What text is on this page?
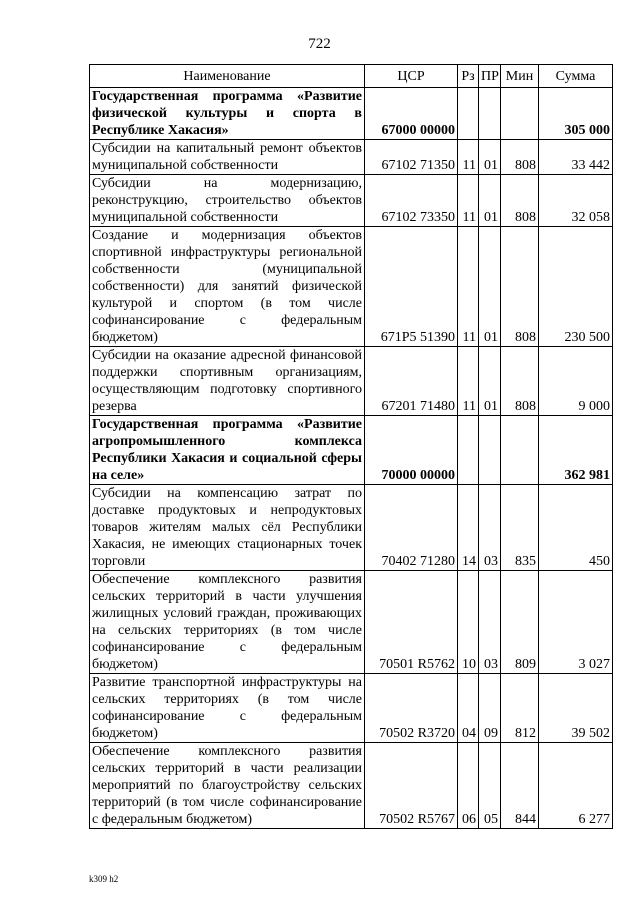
722
Наименование	ЦСР	Рз	ПР	Мин	Сумма
Государственная программа «Развитие физической культуры и спорта в Республике Хакасия»	67000 00000				305 000
Субсидии на капитальный ремонт объектов муниципальной собственности	67102 71350	11	01	808	33 442
Субсидии на модернизацию, реконструкцию, строительство объектов муниципальной собственности	67102 73350	11	01	808	32 058
Создание и модернизация объектов спортивной инфраструктуры региональной собственности (муниципальной собственности) для занятий физической культурой и спортом (в том числе софинансирование с федеральным бюджетом)	671P5 51390	11	01	808	230 500
Субсидии на оказание адресной финансовой поддержки спортивным организациям, осуществляющим подготовку спортивного резерва	67201 71480	11	01	808	9 000
Государственная программа «Развитие агропромышленного комплекса Республики Хакасия и социальной сферы на селе»	70000 00000				362 981
Субсидии на компенсацию затрат по доставке продуктовых и непродуктовых товаров жителям малых сёл Республики Хакасия, не имеющих стационарных точек торговли	70402 71280	14	03	835	450
Обеспечение комплексного развития сельских территорий в части улучшения жилищных условий граждан, проживающих на сельских территориях (в том числе софинансирование с федеральным бюджетом)	70501 R5762	10	03	809	3 027
Развитие транспортной инфраструктуры на сельских территориях (в том числе софинансирование с федеральным бюджетом)	70502 R3720	04	09	812	39 502
Обеспечение комплексного развития сельских территорий в части реализации мероприятий по благоустройству сельских территорий (в том числе софинансирование с федеральным бюджетом)	70502 R5767	06	05	844	6 277
k309 h2
